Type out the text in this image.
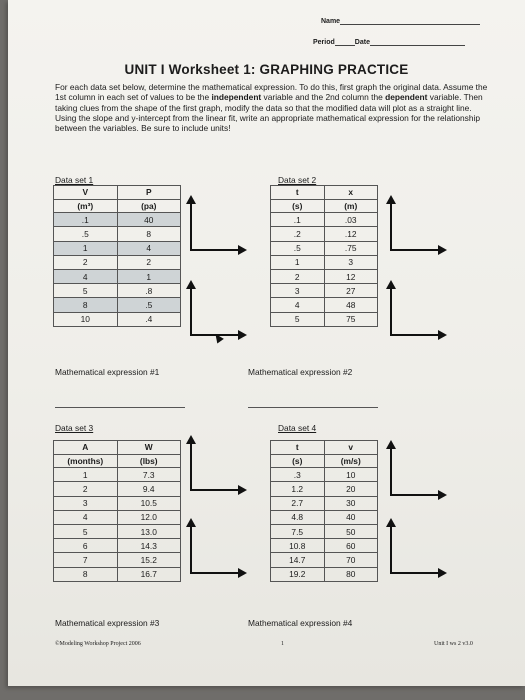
Name
Period	Date
UNIT I Worksheet 1: GRAPHING PRACTICE
For each data set below, determine the mathematical expression. To do this, first graph the original data. Assume the 1st column in each set of values to be the independent variable and the 2nd column the dependent variable. Then taking clues from the shape of the first graph, modify the data so that the modified data will plot as a straight line. Using the slope and y-intercept from the linear fit, write an appropriate mathematical expression for the relationship between the variables. Be sure to include units!
Data set 1
V	P
(m³)	(pa)
.1	40
.5	8
1	4
2	2
4	1
5	.8
8	.5
10	.4
Data set 2
t	x
(s)	(m)
.1	.03
.2	.12
.5	.75
1	3
2	12
3	27
4	48
5	75
Mathematical expression #1	Mathematical expression #2
Data set 3
A	W
(months)	(lbs)
1	7.3
2	9.4
3	10.5
4	12.0
5	13.0
6	14.3
7	15.2
8	16.7
Data set 4
t	v
(s)	(m/s)
.3	10
1.2	20
2.7	30
4.8	40
7.5	50
10.8	60
14.7	70
19.2	80
Mathematical expression #3	Mathematical expression #4
©Modeling Workshop Project 2006	1	Unit I ws 2 v3.0
